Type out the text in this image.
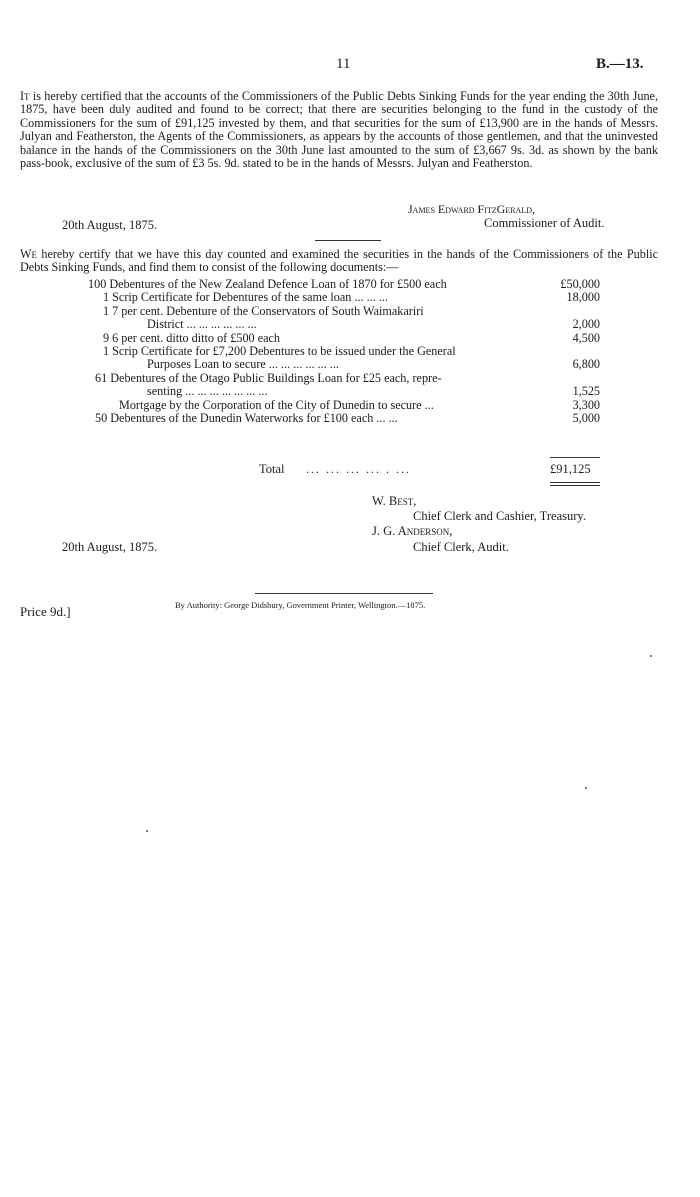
11	B.—13.
It is hereby certified that the accounts of the Commissioners of the Public Debts Sinking Funds for the year ending the 30th June, 1875, have been duly audited and found to be correct; that there are securities belonging to the fund in the custody of the Commissioners for the sum of £91,125 invested by them, and that securities for the sum of £13,900 are in the hands of Messrs. Julyan and Featherston, the Agents of the Commissioners, as appears by the accounts of those gentlemen, and that the uninvested balance in the hands of the Commissioners on the 30th June last amounted to the sum of £3,667 9s. 3d. as shown by the bank pass-book, exclusive of the sum of £3 5s. 9d. stated to be in the hands of Messrs. Julyan and Featherston.
James Edward FitzGerald,
Commissioner of Audit.
20th August, 1875.
We hereby certify that we have this day counted and examined the securities in the hands of the Commissioners of the Public Debts Sinking Funds, and find them to consist of the following documents:—
100 Debentures of the New Zealand Defence Loan of 1870 for £500 each	£50,000
1 Scrip Certificate for Debentures of the same loan ... ... ...	18,000
1 7 per cent. Debenture of the Conservators of South Waimakariri
District ... ... ... ... ... ...	2,000
9 6 per cent. ditto ditto of £500 each	4,500
1 Scrip Certificate for £7,200 Debentures to be issued under the General
Purposes Loan to secure ... ... ... ... ... ...	6,800
61 Debentures of the Otago Public Buildings Loan for £25 each, repre-
senting ... ... ... ... ... ... ...	1,525
Mortgage by the Corporation of the City of Dunedin to secure ...	3,300
50 Debentures of the Dunedin Waterworks for £100 each ... ...	5,000
Total ... ... ... ... . ...	£91,125
W. Best,
Chief Clerk and Cashier, Treasury.
J. G. Anderson,
Chief Clerk, Audit.
20th August, 1875.
By Authority: George Didsbury, Government Printer, Wellington.—1875.
Price 9d.]
